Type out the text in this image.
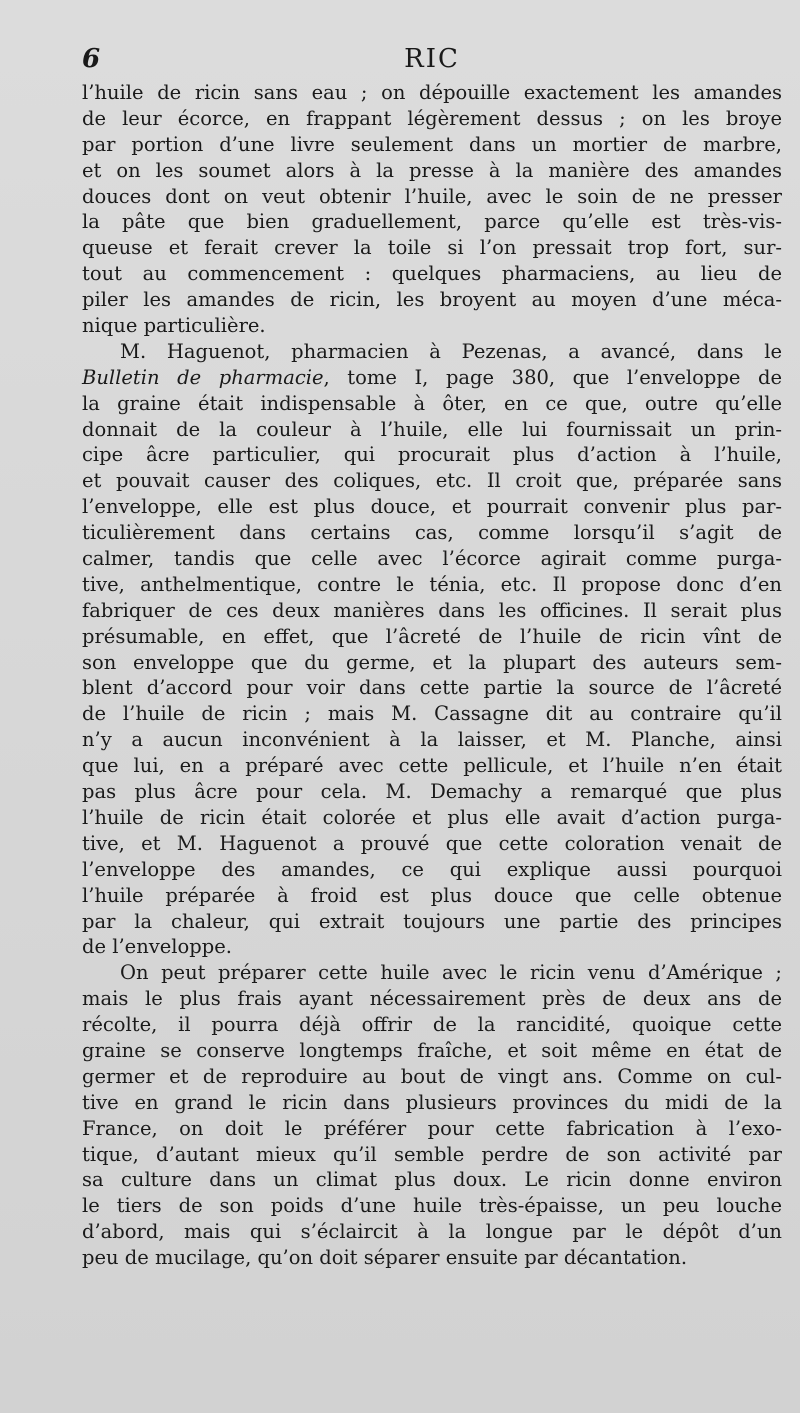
6	RIC
l’huile de ricin sans eau ; on dépouille exactement les amandes
de leur écorce, en frappant légèrement dessus ; on les broye
par portion d’une livre seulement dans un mortier de marbre,
et on les soumet alors à la presse à la manière des amandes
douces dont on veut obtenir l’huile, avec le soin de ne presser
la pâte que bien graduellement, parce qu’elle est très-vis-
queuse et ferait crever la toile si l’on pressait trop fort, sur-
tout au commencement : quelques pharmaciens, au lieu de
piler les amandes de ricin, les broyent au moyen d’une méca-
nique particulière.
M. Haguenot, pharmacien à Pezenas, a avancé, dans le
Bulletin de pharmacie, tome I, page 380, que l’enveloppe de
la graine était indispensable à ôter, en ce que, outre qu’elle
donnait de la couleur à l’huile, elle lui fournissait un prin-
cipe âcre particulier, qui procurait plus d’action à l’huile,
et pouvait causer des coliques, etc. Il croit que, préparée sans
l’enveloppe, elle est plus douce, et pourrait convenir plus par-
ticulièrement dans certains cas, comme lorsqu’il s’agit de
calmer, tandis que celle avec l’écorce agirait comme purga-
tive, anthelmentique, contre le ténia, etc. Il propose donc d’en
fabriquer de ces deux manières dans les officines. Il serait plus
présumable, en effet, que l’âcreté de l’huile de ricin vînt de
son enveloppe que du germe, et la plupart des auteurs sem-
blent d’accord pour voir dans cette partie la source de l’âcreté
de l’huile de ricin ; mais M. Cassagne dit au contraire qu’il
n’y a aucun inconvénient à la laisser, et M. Planche, ainsi
que lui, en a préparé avec cette pellicule, et l’huile n’en était
pas plus âcre pour cela. M. Demachy a remarqué que plus
l’huile de ricin était colorée et plus elle avait d’action purga-
tive, et M. Haguenot a prouvé que cette coloration venait de
l’enveloppe des amandes, ce qui explique aussi pourquoi
l’huile préparée à froid est plus douce que celle obtenue
par la chaleur, qui extrait toujours une partie des principes
de l’enveloppe.
On peut préparer cette huile avec le ricin venu d’Amérique ;
mais le plus frais ayant nécessairement près de deux ans de
récolte, il pourra déjà offrir de la rancidité, quoique cette
graine se conserve longtemps fraîche, et soit même en état de
germer et de reproduire au bout de vingt ans. Comme on cul-
tive en grand le ricin dans plusieurs provinces du midi de la
France, on doit le préférer pour cette fabrication à l’exo-
tique, d’autant mieux qu’il semble perdre de son activité par
sa culture dans un climat plus doux. Le ricin donne environ
le tiers de son poids d’une huile très-épaisse, un peu louche
d’abord, mais qui s’éclaircit à la longue par le dépôt d’un
peu de mucilage, qu’on doit séparer ensuite par décantation.
